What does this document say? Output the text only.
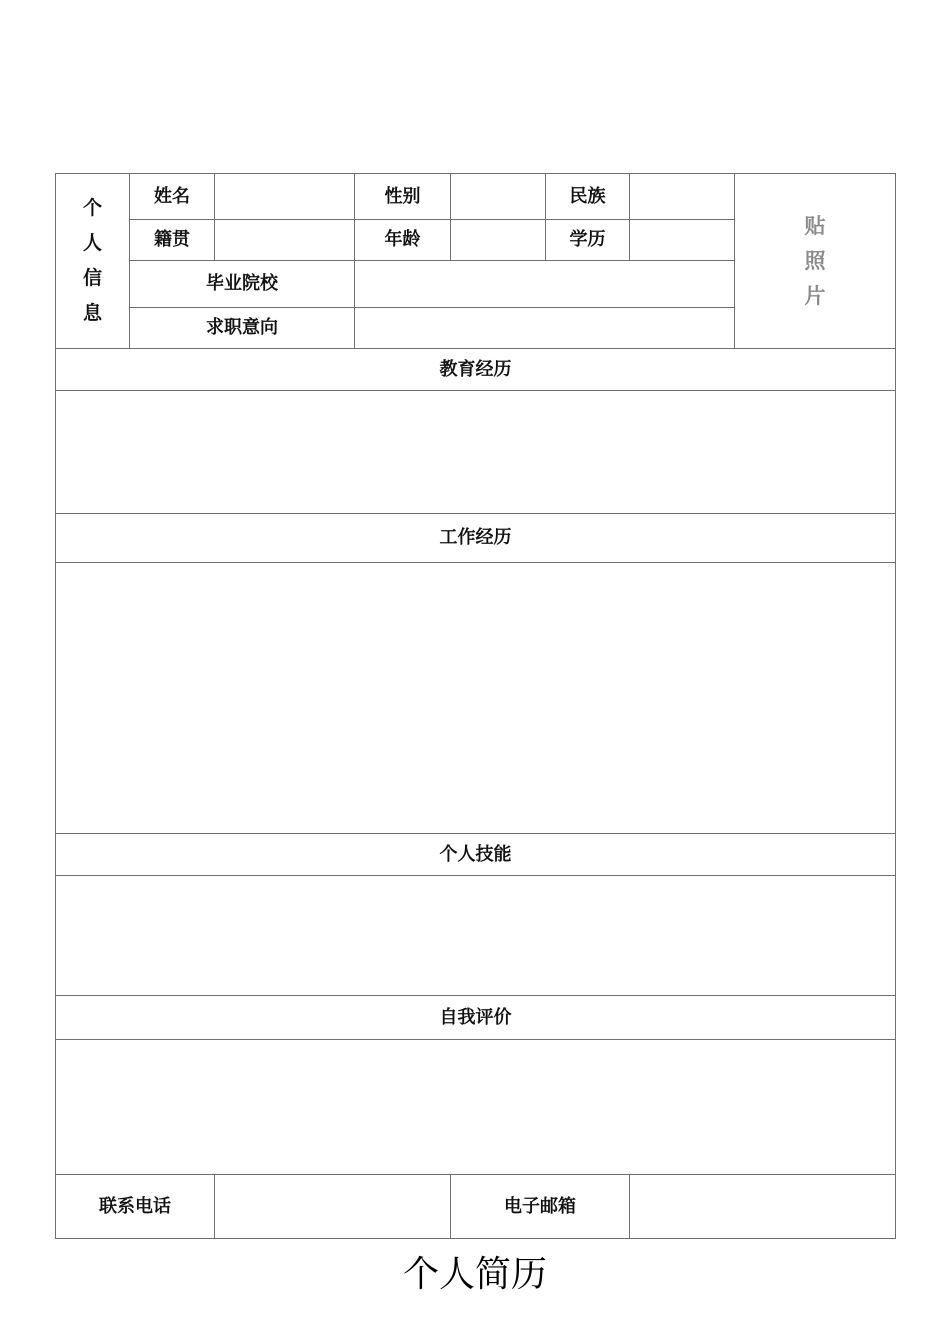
个人信息	姓名		性别		民族		贴照片
	籍贯		年龄		学历		
	毕业院校						
	求职意向						
教育经历							

工作经历							

个人技能							

自我评价							

联系电话				电子邮箱			
个人简历
